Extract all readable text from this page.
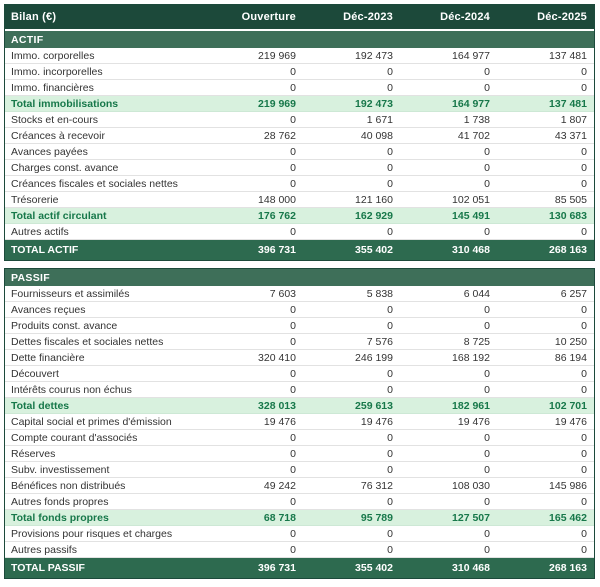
Bilan (€)	Ouverture	Déc-2023	Déc-2024	Déc-2025
ACTIF
Immo. corporelles	219 969	192 473	164 977	137 481
Immo. incorporelles	0	0	0	0
Immo. financières	0	0	0	0
Total immobilisations	219 969	192 473	164 977	137 481
Stocks et en-cours	0	1 671	1 738	1 807
Créances à recevoir	28 762	40 098	41 702	43 371
Avances payées	0	0	0	0
Charges const. avance	0	0	0	0
Créances fiscales et sociales nettes	0	0	0	0
Trésorerie	148 000	121 160	102 051	85 505
Total actif circulant	176 762	162 929	145 491	130 683
Autres actifs	0	0	0	0
TOTAL ACTIF	396 731	355 402	310 468	268 163
PASSIF
Fournisseurs et assimilés	7 603	5 838	6 044	6 257
Avances reçues	0	0	0	0
Produits const. avance	0	0	0	0
Dettes fiscales et sociales nettes	0	7 576	8 725	10 250
Dette financière	320 410	246 199	168 192	86 194
Découvert	0	0	0	0
Intérêts courus non échus	0	0	0	0
Total dettes	328 013	259 613	182 961	102 701
Capital social et primes d'émission	19 476	19 476	19 476	19 476
Compte courant d'associés	0	0	0	0
Réserves	0	0	0	0
Subv. investissement	0	0	0	0
Bénéfices non distribués	49 242	76 312	108 030	145 986
Autres fonds propres	0	0	0	0
Total fonds propres	68 718	95 789	127 507	165 462
Provisions pour risques et charges	0	0	0	0
Autres passifs	0	0	0	0
TOTAL PASSIF	396 731	355 402	310 468	268 163
